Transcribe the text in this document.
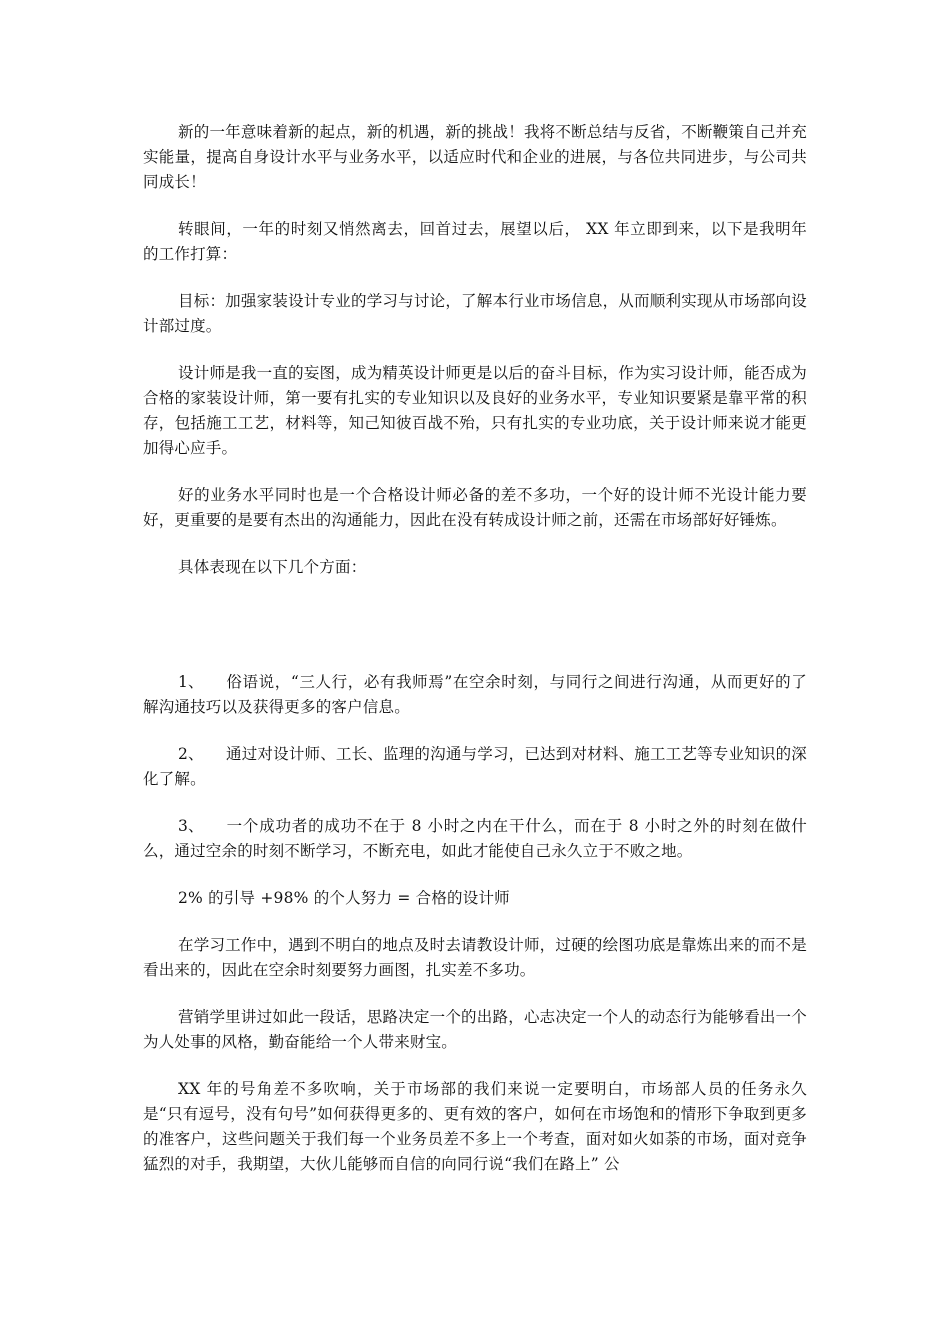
新的一年意味着新的起点，新的机遇，新的挑战！我将不断总结与反省，不断鞭策自己并充实能量，提高自身设计水平与业务水平，以适应时代和企业的进展，与各位共同进步，与公司共同成长！

转眼间，一年的时刻又悄然离去，回首过去，展望以后， XX 年立即到来，以下是我明年的工作打算：

目标：加强家装设计专业的学习与讨论，了解本行业市场信息，从而顺利实现从市场部向设计部过度。

设计师是我一直的妄图，成为精英设计师更是以后的奋斗目标，作为实习设计师，能否成为合格的家装设计师，第一要有扎实的专业知识以及良好的业务水平，专业知识要紧是靠平常的积存，包括施工工艺，材料等，知己知彼百战不殆，只有扎实的专业功底，关于设计师来说才能更加得心应手。

好的业务水平同时也是一个合格设计师必备的差不多功，一个好的设计师不光设计能力要好，更重要的是要有杰出的沟通能力，因此在没有转成设计师之前，还需在市场部好好锤炼。

具体表现在以下几个方面：

1、 俗语说，“三人行，必有我师焉”在空余时刻，与同行之间进行沟通，从而更好的了解沟通技巧以及获得更多的客户信息。

2、 通过对设计师、工长、监理的沟通与学习，已达到对材料、施工工艺等专业知识的深化了解。

3、 一个成功者的成功不在于 8 小时之内在干什么，而在于 8 小时之外的时刻在做什么，通过空余的时刻不断学习，不断充电，如此才能使自己永久立于不败之地。

2% 的引导 +98% 的个人努力 = 合格的设计师

在学习工作中，遇到不明白的地点及时去请教设计师，过硬的绘图功底是靠炼出来的而不是看出来的，因此在空余时刻要努力画图，扎实差不多功。

营销学里讲过如此一段话，思路决定一个的出路，心志决定一个人的动态行为能够看出一个为人处事的风格，勤奋能给一个人带来财宝。

XX 年的号角差不多吹响，关于市场部的我们来说一定要明白，市场部人员的任务永久是“只有逗号，没有句号”如何获得更多的、更有效的客户，如何在市场饱和的情形下争取到更多的准客户，这些问题关于我们每一个业务员差不多上一个考查，面对如火如荼的市场，面对竞争猛烈的对手，我期望，大伙儿能够而自信的向同行说“我们在路上” 公
